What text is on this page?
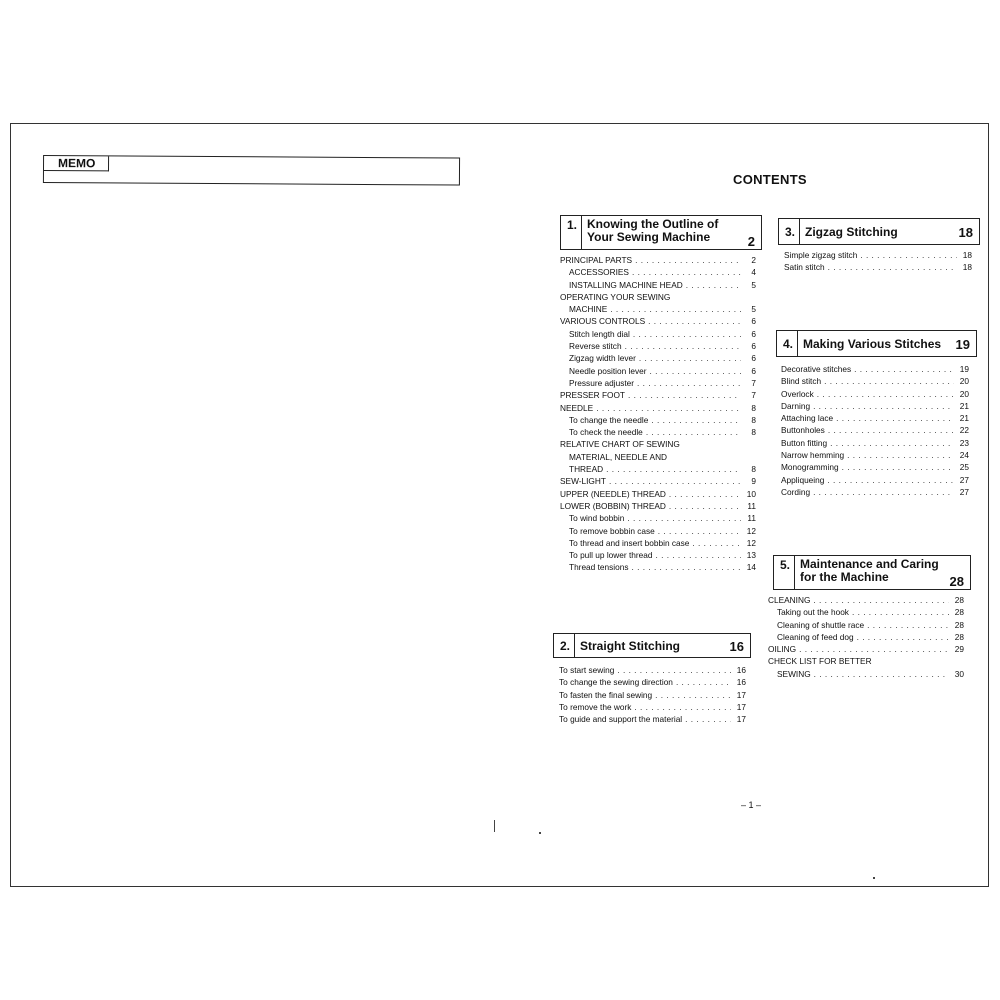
MEMO
CONTENTS
1. Knowing the Outline of
Your Sewing Machine	2
PRINCIPAL PARTS . . .	2
ACCESSORIES . . .	4
INSTALLING MACHINE HEAD . . .	5
OPERATING YOUR SEWING
MACHINE . . .	5
VARIOUS CONTROLS . . .	6
Stitch length dial . . .	6
Reverse stitch . . .	6
Zigzag width lever . . .	6
Needle position lever . . .	6
Pressure adjuster . . .	7
PRESSER FOOT . . .	7
NEEDLE . . .	8
To change the needle . . .	8
To check the needle . . .	8
RELATIVE CHART OF SEWING
MATERIAL, NEEDLE AND
THREAD . . .	8
SEW-LIGHT . . .	9
UPPER (NEEDLE) THREAD . . .	10
LOWER (BOBBIN) THREAD . . .	11
To wind bobbin . . .	11
To remove bobbin case . . .	12
To thread and insert bobbin case . . .	12
To pull up lower thread . . .	13
Thread tensions . . .	14
2. Straight Stitching	16
To start sewing . . .	16
To change the sewing direction . . .	16
To fasten the final sewing . . .	17
To remove the work . . .	17
To guide and support the material . . .	17
3. Zigzag Stitching	18
Simple zigzag stitch . . .	18
Satin stitch . . .	18
4. Making Various Stitches	19
Decorative stitches . . .	19
Blind stitch . . .	20
Overlock . . .	20
Darning . . .	21
Attaching lace . . .	21
Buttonholes . . .	22
Button fitting . . .	23
Narrow hemming . . .	24
Monogramming . . .	25
Appliqueing . . .	27
Cording . . .	27
5. Maintenance and Caring
for the Machine	28
CLEANING . . .	28
Taking out the hook . . .	28
Cleaning of shuttle race . . .	28
Cleaning of feed dog . . .	28
OILING . . .	29
CHECK LIST FOR BETTER
SEWING . . .	30
– 1 –
